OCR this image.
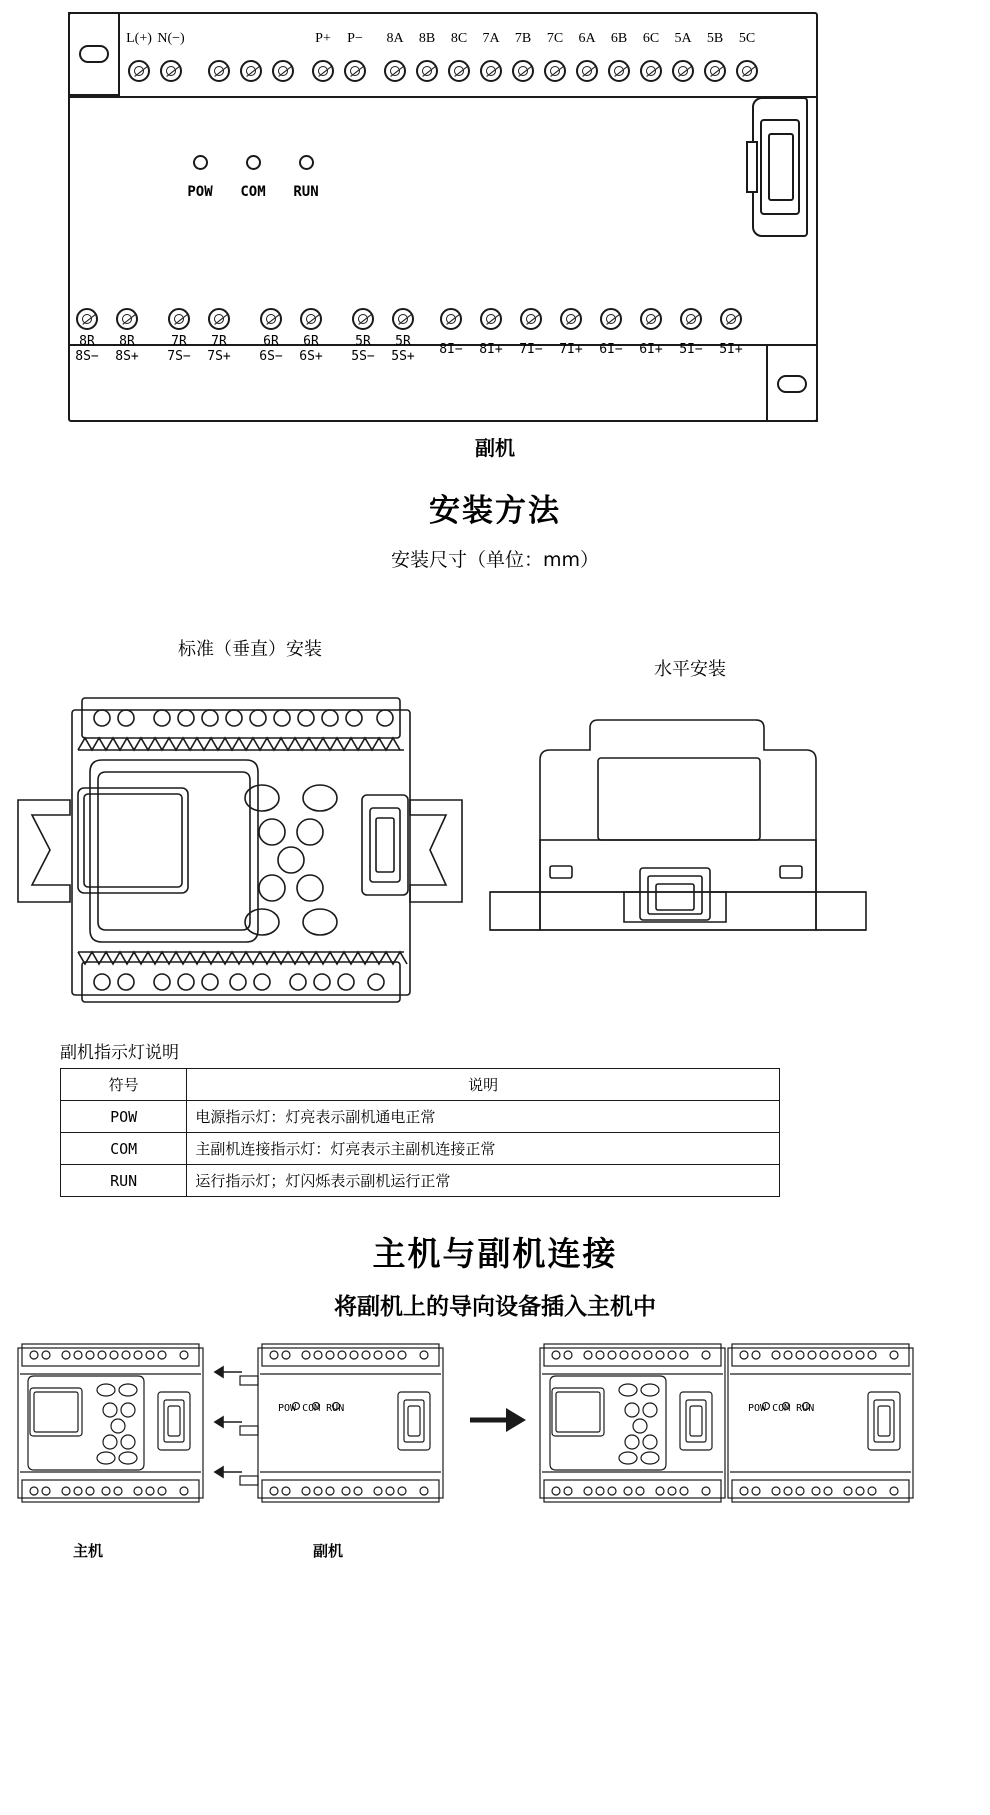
L(+) N(−)	P+	P−	8A	8B	8C	7A	7B	7C	6A	6B	6C	5A	5B	5C
POW	COM	RUN
8R
8S−
8R
8S+
7R
7S−
7R
7S+
6R
6S−
6R
6S+
5R
5S−
5R
5S+	8I−	8I+	7I−	7I+	6I−	6I+	5I−	5I+
副机
安装方法
安装尺寸（单位：mm）
标准（垂直）安装
水平安装
副机指示灯说明
符号	说明
POW	电源指示灯：灯亮表示副机通电正常
COM	主副机连接指示灯：灯亮表示主副机连接正常
RUN	运行指示灯；灯闪烁表示副机运行正常
主机与副机连接
将副机上的导向设备插入主机中
POW COM RUN	POW COM RUN
主机	副机
